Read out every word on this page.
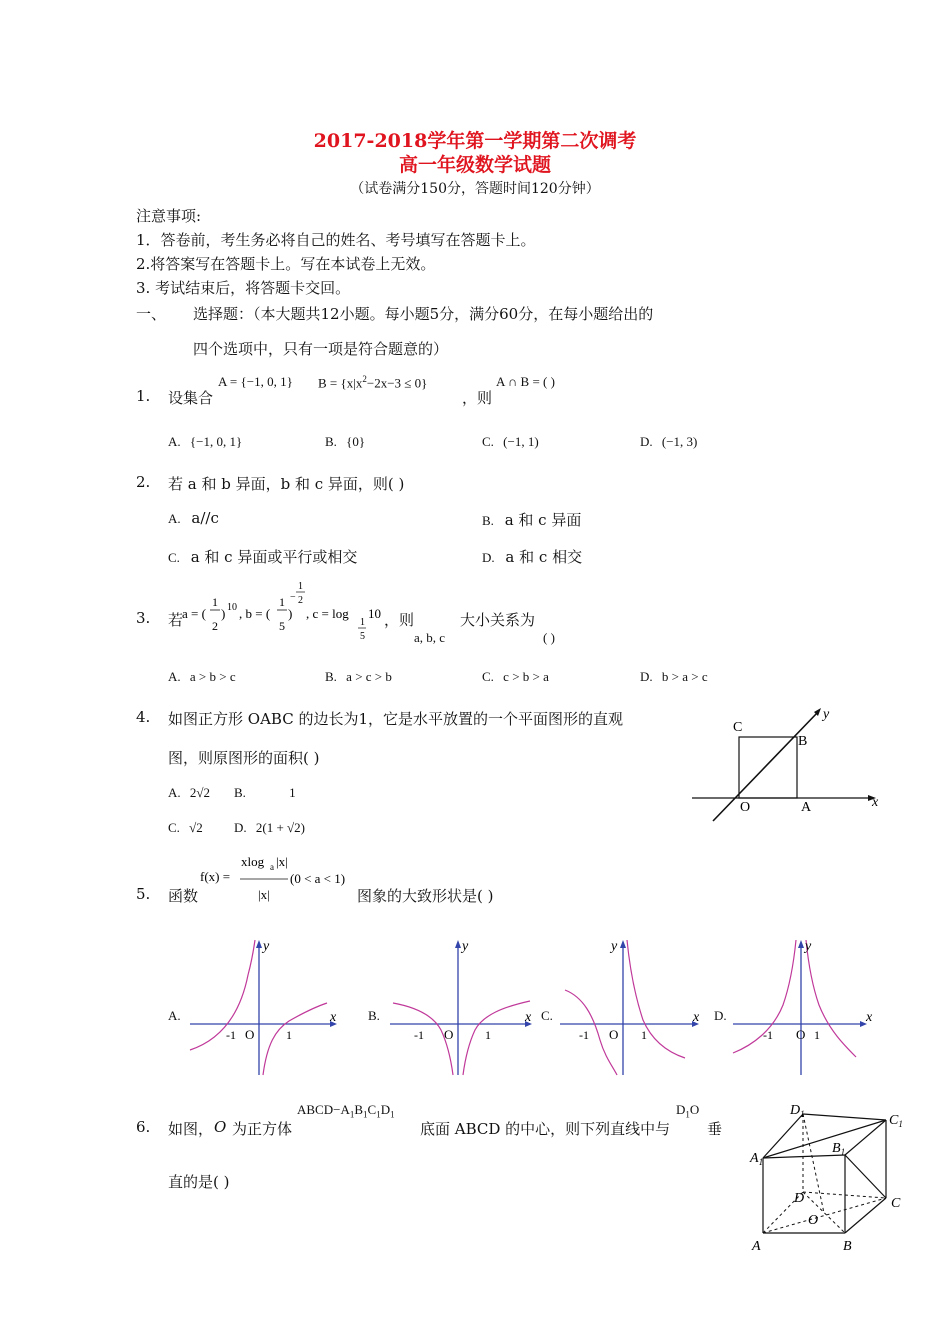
2017-2018学年第一学期第二次调考
高一年级数学试题
（试卷满分150分，答题时间120分钟）
注意事项:
1．答卷前，考生务必将自己的姓名、考号填写在答题卡上。
2.将答案写在答题卡上。写在本试卷上无效。
3. 考试结束后，将答题卡交回。
一、 选择题：（本大题共12小题。每小题5分，满分60分，在每小题给出的
四个选项中，只有一项是符合题意的）
1. 设集合
A = {−1, 0, 1} $B = \{x|x^2-2x-3 \le 0\}$
，则
A ∩ B = ( )
A. {−1, 0, 1}	B. {0}	C. (−1, 1)	D. (−1, 3)
2. 若 a 和 b 异面，b 和 c 异面，则( )
A. a//c	B. a 和 c 异面
C. a 和 c 异面或平行或相交	D. a 和 c 相交
3. 若
a = (
1
2
) 10 , b = (
1
5
)
−
1
2
, c = log
1
5
10 ，则
a, b, c
大小关系为
( )
A. a > b > c	B. a > c > b	C. c > b > a	D. b > a > c
4. 如图正方形 OABC 的边长为1，它是水平放置的一个平面图形的直观
图，则原图形的面积( )
A. 2√2 B.	1
C. √2 D. 2(1 + √2)
C
B
O	A	x
y
5. 函数
f(x) =
xlog a |x|
|x|
(0 < a < 1)
图象的大致形状是( )
A.	B.	C.	D.
x
y
O
-1	1
x
y
O
-1	1
x
y
O
-1	1
x
y
O
-1	1
6. 如图， O 为正方体
$ABCD-A_1B_1C_1D_1$
底面 ABCD 的中心，则下列直线中与
$D_1O$
垂
直的是( )
$D_1$	$C_1$
$A_1$
$B_1$
D	C
O
A	B
